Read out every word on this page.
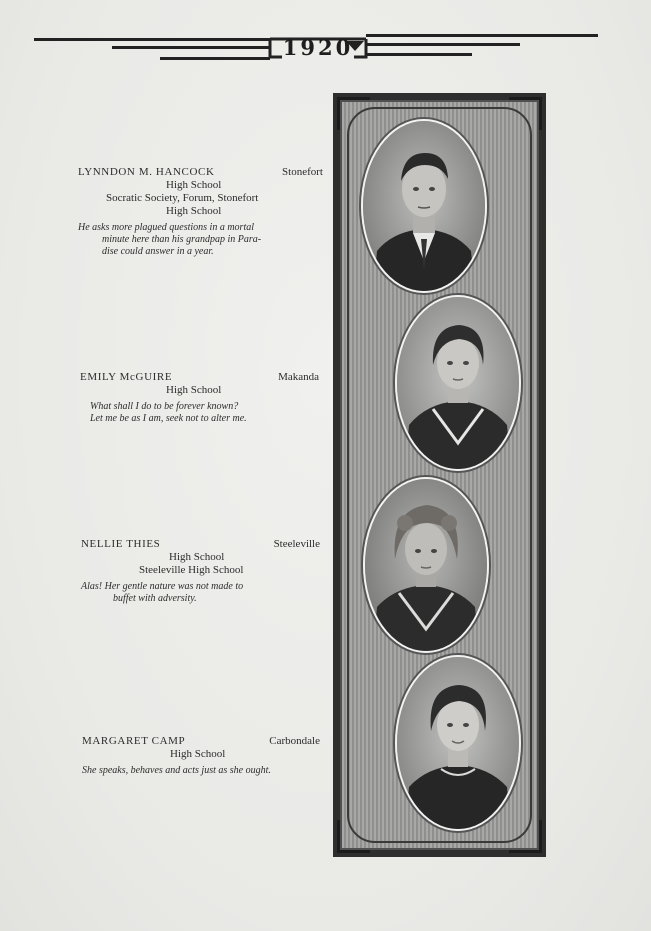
1920
LYNNDON M. HANCOCK	Stonefort
High School
Socratic Society, Forum, Stonefort
High School
He asks more plagued questions in a mortal
minute here than his grandpap in Para-
dise could answer in a year.
EMILY McGUIRE	Makanda
High School
What shall I do to be forever known?
Let me be as I am, seek not to alter me.
NELLIE THIES	Steeleville
High School
Steeleville High School
Alas! Her gentle nature was not made to
buffet with adversity.
MARGARET CAMP	Carbondale
High School
She speaks, behaves and acts just as she ought.
